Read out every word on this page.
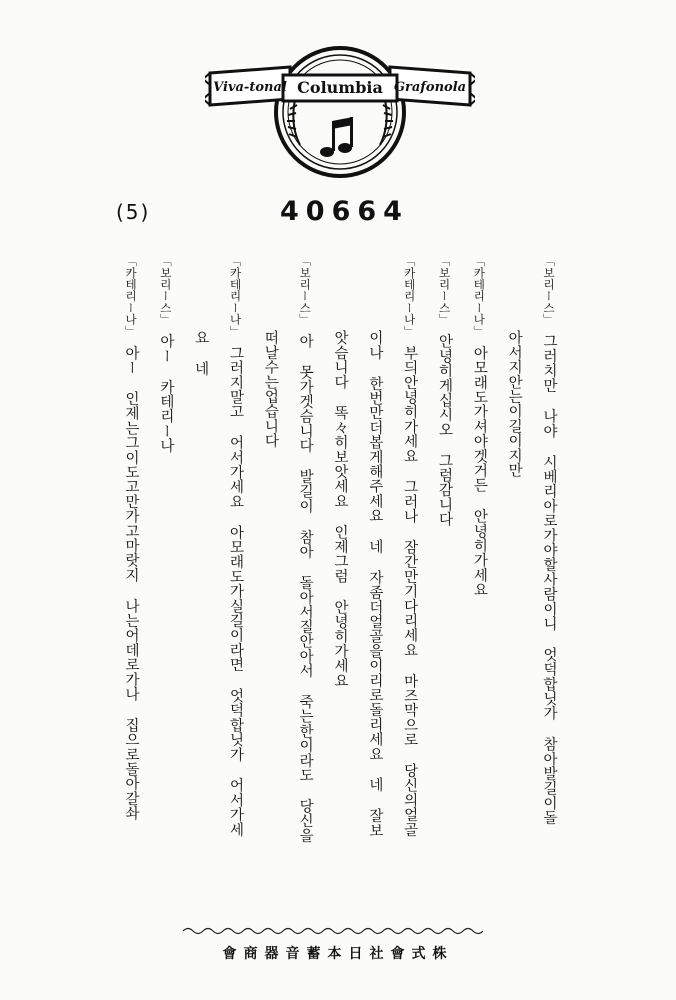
Viva-tonal Columbia Grafonola
(5)	40664
「보리ー스」그러치만 나야 시베리아로가야할사람이니 엇덕합닛가 참아발길이돌
아서지안는이길이지만
「카테리ー나」아모래도가셔야겟거든 안녕히가세요
「보리ー스」안녕히게십시오 그럼감니다
「카테리ー나」부듸안녕히가세요 그러나 잠간만기다리세요 마즈막으로 당신의얼골
이나 한번만더봅게해주세요 네 자좀더얼골을이리로돌리세요 네 잘보
앗슴니다 똑々히보앗세요 인제그럼 안녕히가세요
「보리ー스」아 못가겟슴니다 발길이 참아 돌아서질안아서 죽는한이라도 당신을
떠날수는업습니다
「카테리ー나」그러지말고 어서가세요 아모래도가실길이라면 엇덕합닛가 어서가세
요 네
「보리ー스」아ー 카테리ー나
「카테리ー나」아ー 인제는그이도고만가고마랏지 나는어데로가나 집으로돌아갈솨
會商器音蓄本日社會式株
